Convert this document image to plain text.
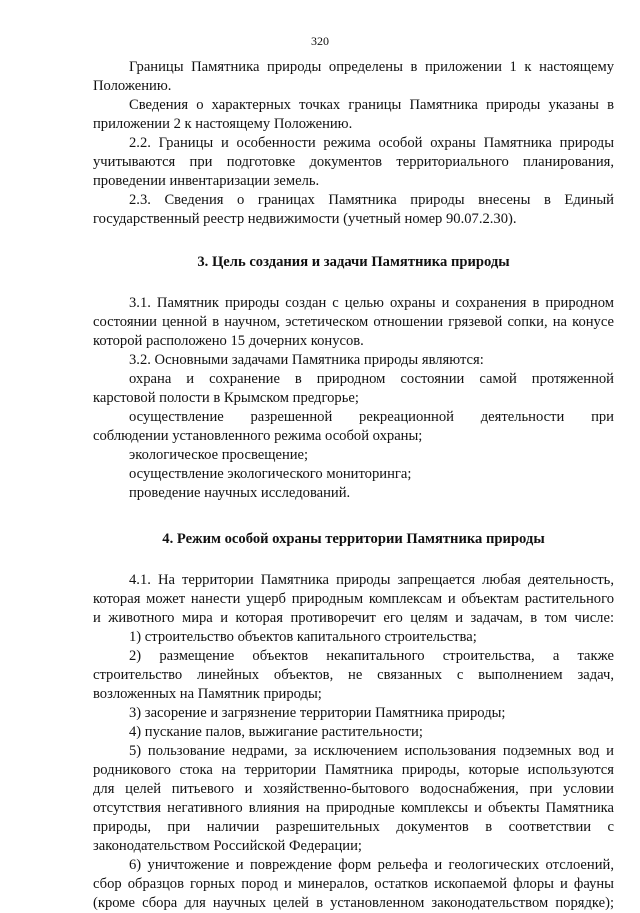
320
Границы Памятника природы определены в приложении 1 к настоящему
Положению.
Сведения о характерных точках границы Памятника природы указаны в
приложении 2 к настоящему Положению.
2.2. Границы и особенности режима особой охраны Памятника природы
учитываются при подготовке документов территориального планирования,
проведении инвентаризации земель.
2.3. Сведения о границах Памятника природы внесены в Единый
государственный реестр недвижимости (учетный номер 90.07.2.30).
3. Цель создания и задачи Памятника природы
3.1. Памятник природы создан с целью охраны и сохранения в природном
состоянии ценной в научном, эстетическом отношении грязевой сопки, на конусе
которой расположено 15 дочерних конусов.
3.2. Основными задачами Памятника природы являются:
охрана и сохранение в природном состоянии самой протяженной
карстовой полости в Крымском предгорье;
осуществление разрешенной рекреационной деятельности при
соблюдении установленного режима особой охраны;
экологическое просвещение;
осуществление экологического мониторинга;
проведение научных исследований.
4. Режим особой охраны территории Памятника природы
4.1. На территории Памятника природы запрещается любая деятельность,
которая может нанести ущерб природным комплексам и объектам растительного
и животного мира и которая противоречит его целям и задачам, в том числе:
1) строительство объектов капитального строительства;
2) размещение объектов некапитального строительства, а также
строительство линейных объектов, не связанных с выполнением задач,
возложенных на Памятник природы;
3) засорение и загрязнение территории Памятника природы;
4) пускание палов, выжигание растительности;
5) пользование недрами, за исключением использования подземных вод и
родникового стока на территории Памятника природы, которые используются
для целей питьевого и хозяйственно-бытового водоснабжения, при условии
отсутствия негативного влияния на природные комплексы и объекты Памятника
природы, при наличии разрешительных документов в соответствии с
законодательством Российской Федерации;
6) уничтожение и повреждение форм рельефа и геологических отслоений,
сбор образцов горных пород и минералов, остатков ископаемой флоры и фауны
(кроме сбора для научных целей в установленном законодательством порядке);
